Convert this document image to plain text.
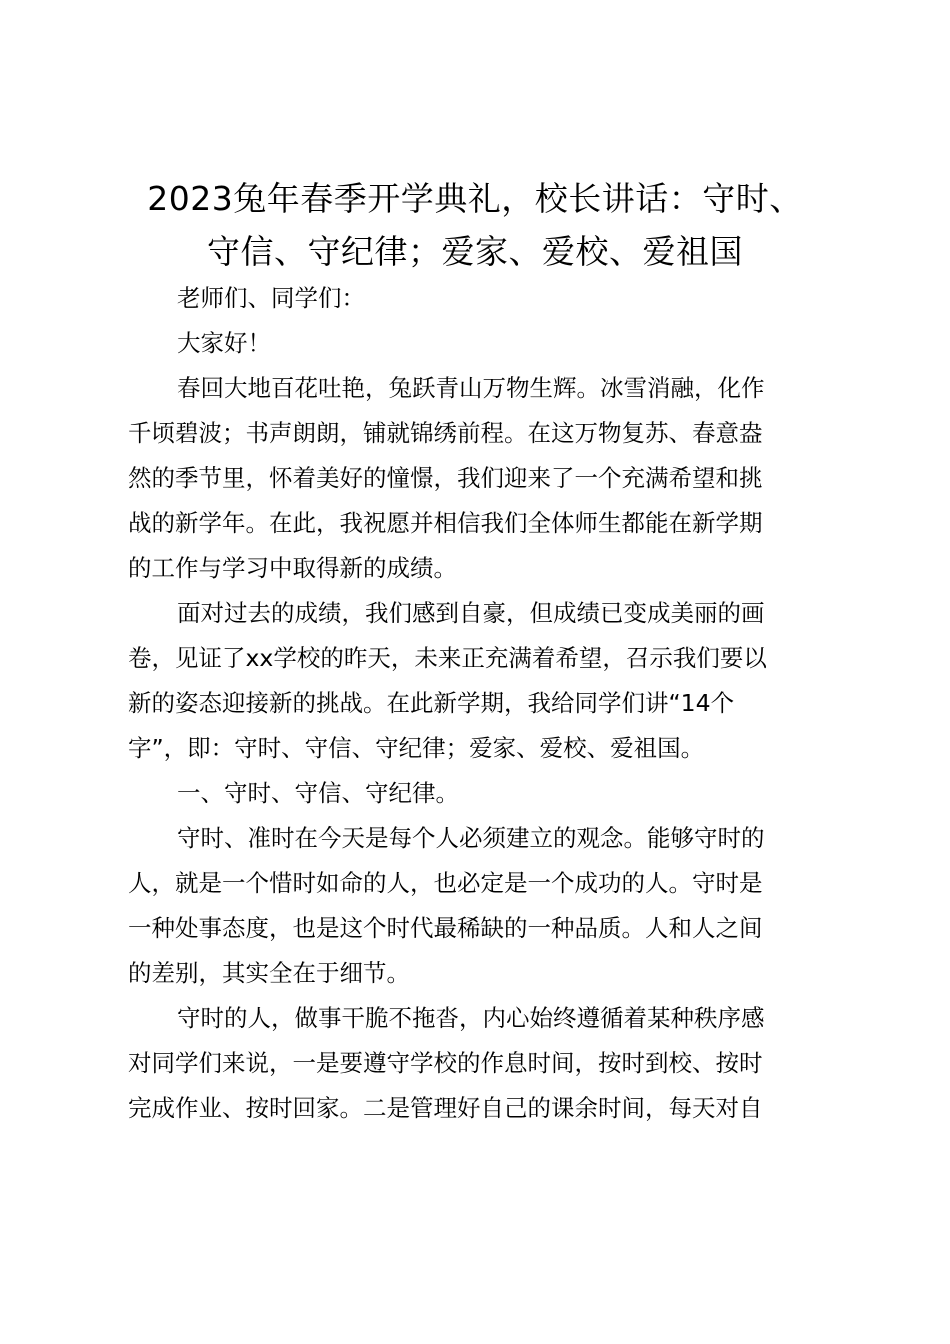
2023兔年春季开学典礼，校长讲话：守时、
守信、守纪律；爱家、爱校、爱祖国
老师们、同学们：
大家好！
春回大地百花吐艳，兔跃青山万物生辉。冰雪消融，化作
千顷碧波；书声朗朗，铺就锦绣前程。在这万物复苏、春意盎
然的季节里，怀着美好的憧憬，我们迎来了一个充满希望和挑
战的新学年。在此，我祝愿并相信我们全体师生都能在新学期
的工作与学习中取得新的成绩。
面对过去的成绩，我们感到自豪，但成绩已变成美丽的画
卷，见证了xx学校的昨天，未来正充满着希望，召示我们要以
新的姿态迎接新的挑战。在此新学期，我给同学们讲“14个
字”，即：守时、守信、守纪律；爱家、爱校、爱祖国。
一、守时、守信、守纪律。
守时、准时在今天是每个人必须建立的观念。能够守时的
人，就是一个惜时如命的人，也必定是一个成功的人。守时是
一种处事态度，也是这个时代最稀缺的一种品质。人和人之间
的差别，其实全在于细节。
守时的人，做事干脆不拖沓，内心始终遵循着某种秩序感
对同学们来说，一是要遵守学校的作息时间，按时到校、按时
完成作业、按时回家。二是管理好自己的课余时间，每天对自
